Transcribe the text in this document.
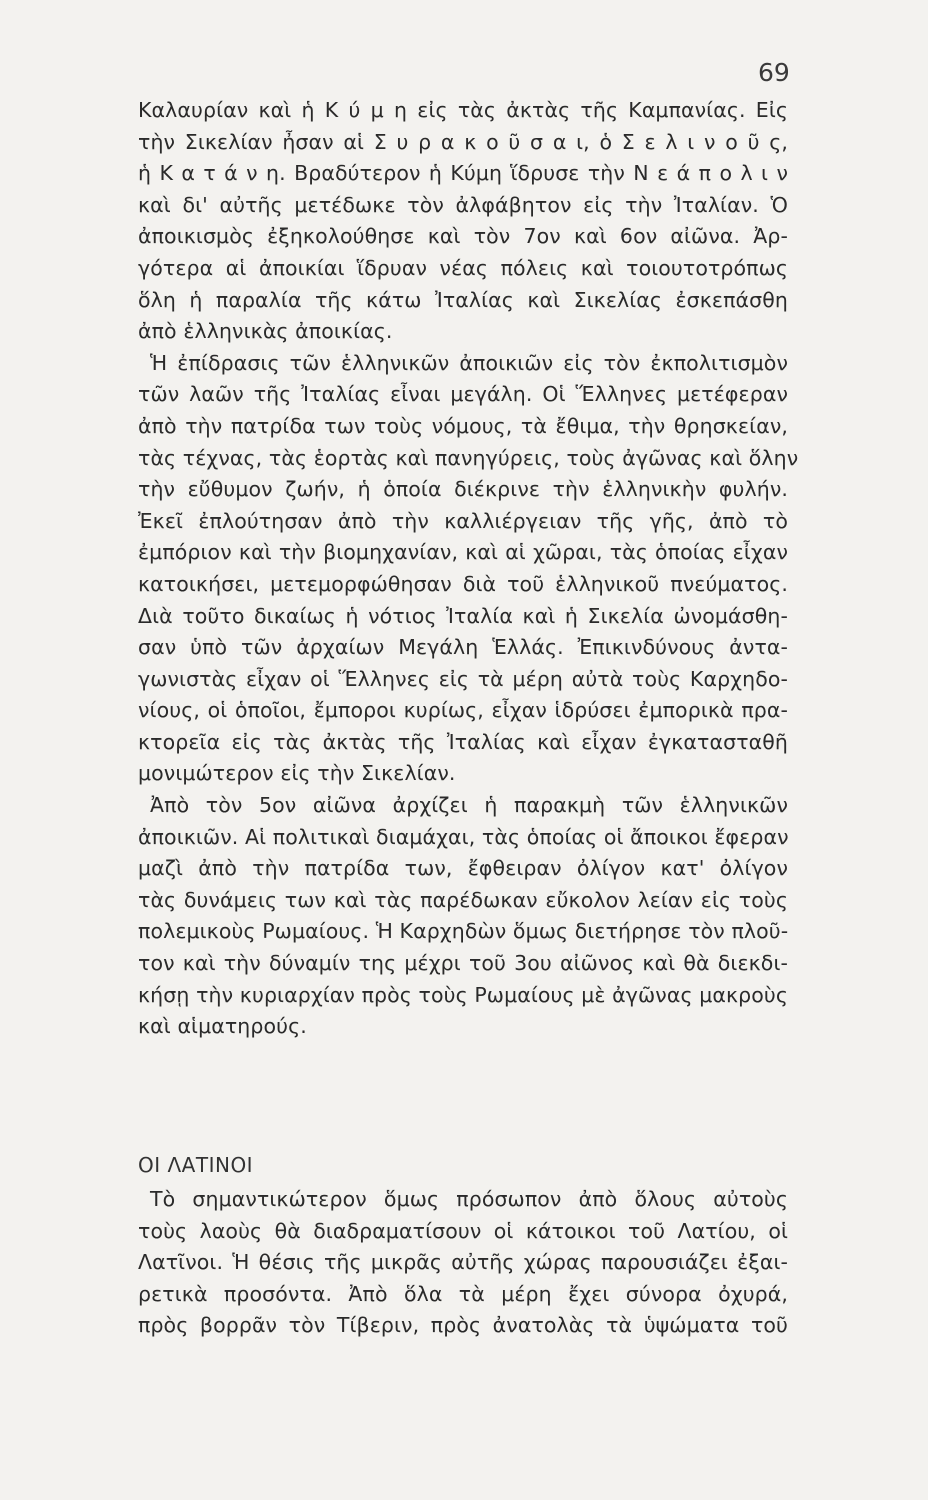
69
Καλαυρίαν καὶ ἡ Κ ύ μ η εἰς τὰς ἀκτὰς τῆς Καμπανίας. Εἰς
τὴν Σικελίαν ἦσαν αἱ Σ υ ρ α κ ο ῦ σ α ι, ὁ Σ ε λ ι ν ο ῦ ς,
ἡ Κ α τ ά ν η. Βραδύτερον ἡ Κύμη ἵδρυσε τὴν Ν ε ά π ο λ ι ν
καὶ δι' αὐτῆς μετέδωκε τὸν ἀλφάβητον εἰς τὴν Ἰταλίαν. Ὁ
ἀποικισμὸς ἐξηκολούθησε καὶ τὸν 7ον καὶ 6ον αἰῶνα. Ἀρ-
γότερα αἱ ἀποικίαι ἵδρυαν νέας πόλεις καὶ τοιουτοτρόπως
ὅλη ἡ παραλία τῆς κάτω Ἰταλίας καὶ Σικελίας ἐσκεπάσθη
ἀπὸ ἑλληνικὰς ἀποικίας.
Ἡ ἐπίδρασις τῶν ἑλληνικῶν ἀποικιῶν εἰς τὸν ἐκπολιτισμὸν
τῶν λαῶν τῆς Ἰταλίας εἶναι μεγάλη. Οἱ Ἕλληνες μετέφεραν
ἀπὸ τὴν πατρίδα των τοὺς νόμους, τὰ ἔθιμα, τὴν θρησκείαν,
τὰς τέχνας, τὰς ἑορτὰς καὶ πανηγύρεις, τοὺς ἀγῶνας καὶ ὅλην
τὴν εὔθυμον ζωήν, ἡ ὁποία διέκρινε τὴν ἑλληνικὴν φυλήν.
Ἐκεῖ ἐπλούτησαν ἀπὸ τὴν καλλιέργειαν τῆς γῆς, ἀπὸ τὸ
ἐμπόριον καὶ τὴν βιομηχανίαν, καὶ αἱ χῶραι, τὰς ὁποίας εἶχαν
κατοικήσει, μετεμορφώθησαν διὰ τοῦ ἑλληνικοῦ πνεύματος.
Διὰ τοῦτο δικαίως ἡ νότιος Ἰταλία καὶ ἡ Σικελία ὠνομάσθη-
σαν ὑπὸ τῶν ἀρχαίων Μεγάλη Ἑλλάς. Ἐπικινδύνους ἀντα-
γωνιστὰς εἶχαν οἱ Ἕλληνες εἰς τὰ μέρη αὐτὰ τοὺς Καρχηδο-
νίους, οἱ ὁποῖοι, ἔμποροι κυρίως, εἶχαν ἱδρύσει ἐμπορικὰ πρα-
κτορεῖα εἰς τὰς ἀκτὰς τῆς Ἰταλίας καὶ εἶχαν ἐγκατασταθῆ
μονιμώτερον εἰς τὴν Σικελίαν.
Ἀπὸ τὸν 5ον αἰῶνα ἀρχίζει ἡ παρακμὴ τῶν ἑλληνικῶν
ἀποικιῶν. Αἱ πολιτικαὶ διαμάχαι, τὰς ὁποίας οἱ ἄποικοι ἔφεραν
μαζὶ ἀπὸ τὴν πατρίδα των, ἔφθειραν ὀλίγον κατ' ὀλίγον
τὰς δυνάμεις των καὶ τὰς παρέδωκαν εὔκολον λείαν εἰς τοὺς
πολεμικοὺς Ρωμαίους. Ἡ Καρχηδὼν ὅμως διετήρησε τὸν πλοῦ-
τον καὶ τὴν δύναμίν της μέχρι τοῦ 3ου αἰῶνος καὶ θὰ διεκδι-
κήσῃ τὴν κυριαρχίαν πρὸς τοὺς Ρωμαίους μὲ ἀγῶνας μακροὺς
καὶ αἱματηρούς.
ΟΙ ΛΑΤΙΝΟΙ
Τὸ σημαντικώτερον ὅμως πρόσωπον ἀπὸ ὅλους αὐτοὺς
τοὺς λαοὺς θὰ διαδραματίσουν οἱ κάτοικοι τοῦ Λατίου, οἱ
Λατῖνοι. Ἡ θέσις τῆς μικρᾶς αὐτῆς χώρας παρουσιάζει ἐξαι-
ρετικὰ προσόντα. Ἀπὸ ὅλα τὰ μέρη ἔχει σύνορα ὀχυρά,
πρὸς βορρᾶν τὸν Τίβεριν, πρὸς ἀνατολὰς τὰ ὑψώματα τοῦ
